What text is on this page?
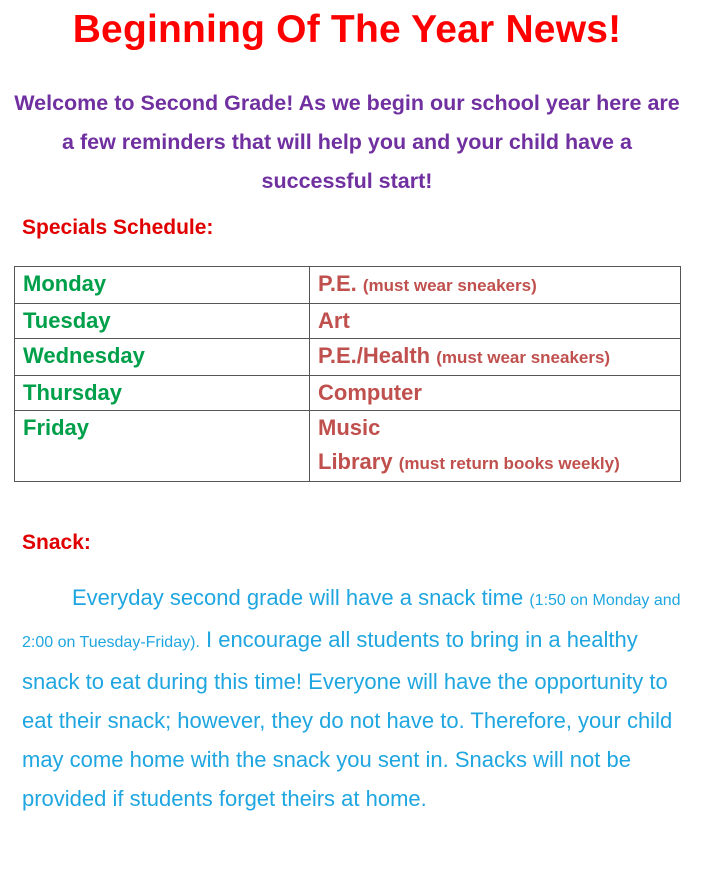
Beginning Of The Year News!

Welcome to Second Grade! As we begin our school year here are a few reminders that will help you and your child have a successful start!

Specials Schedule:
Monday	P.E. (must wear sneakers)
Tuesday	Art
Wednesday	P.E./Health (must wear sneakers)
Thursday	Computer
Friday	Music
Library (must return books weekly)
Snack:

Everyday second grade will have a snack time (1:50 on Monday and 2:00 on Tuesday-Friday). I encourage all students to bring in a healthy snack to eat during this time! Everyone will have the opportunity to eat their snack; however, they do not have to. Therefore, your child may come home with the snack you sent in. Snacks will not be provided if students forget theirs at home.
